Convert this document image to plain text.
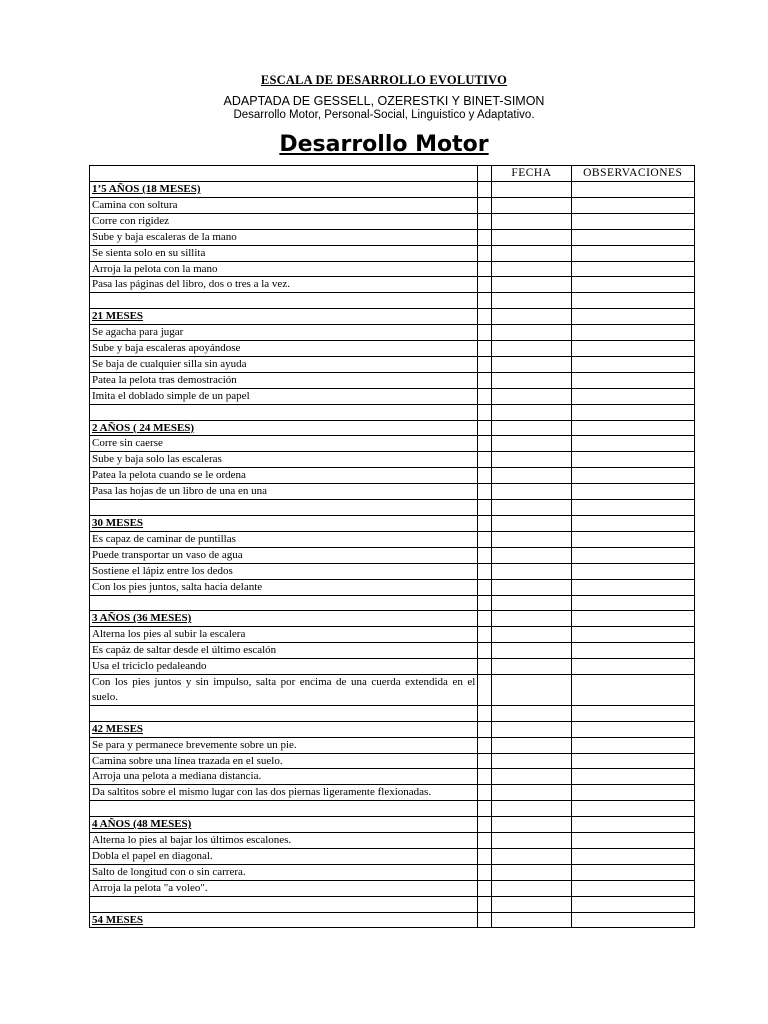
ESCALA DE DESARROLLO EVOLUTIVO
ADAPTADA DE GESSELL, OZERESTKI Y BINET-SIMON
Desarrollo Motor, Personal-Social, Linguistico y Adaptativo.
Desarrollo Motor
		FECHA	OBSERVACIONES
1’5 AÑOS (18 MESES)			
Camina con soltura			
Corre con rigidez			
Sube y baja escaleras de la mano			
Se sienta solo en su sillita			
Arroja la pelota con la mano			
Pasa las páginas del libro, dos o tres a la vez.			

21 MESES			
Se agacha para jugar			
Sube y baja escaleras apoyándose			
Se baja de cualquier silla sin ayuda			
Patea la pelota tras demostración			
Imita el doblado simple de un papel			

2 AÑOS ( 24 MESES)			
Corre sin caerse			
Sube y baja solo las escaleras			
Patea la pelota cuando se le ordena			
Pasa las hojas de un libro de una en una			

30 MESES			
Es capaz de caminar de puntillas			
Puede transportar un vaso de agua			
Sostiene el lápiz entre los dedos			
Con los pies juntos, salta hacia delante			

3 AÑOS (36 MESES)			
Alterna los pies al subir la escalera			
Es capáz de saltar desde el último escalón			
Usa el triciclo pedaleando			
Con los pies juntos y sin impulso, salta por encima de una cuerda extendida en el suelo.			

42 MESES			
Se para y permanece brevemente sobre un pie.			
Camina sobre una línea trazada en el suelo.			
Arroja una pelota a mediana distancia.			
Da saltitos sobre el mismo lugar con las dos piernas ligeramente flexionadas.			

4 AÑOS (48 MESES)			
Alterna lo pies al bajar los últimos escalones.			
Dobla el papel en diagonal.			
Salto de longitud con o sin carrera.			
Arroja la pelota "a voleo".			

54 MESES			
